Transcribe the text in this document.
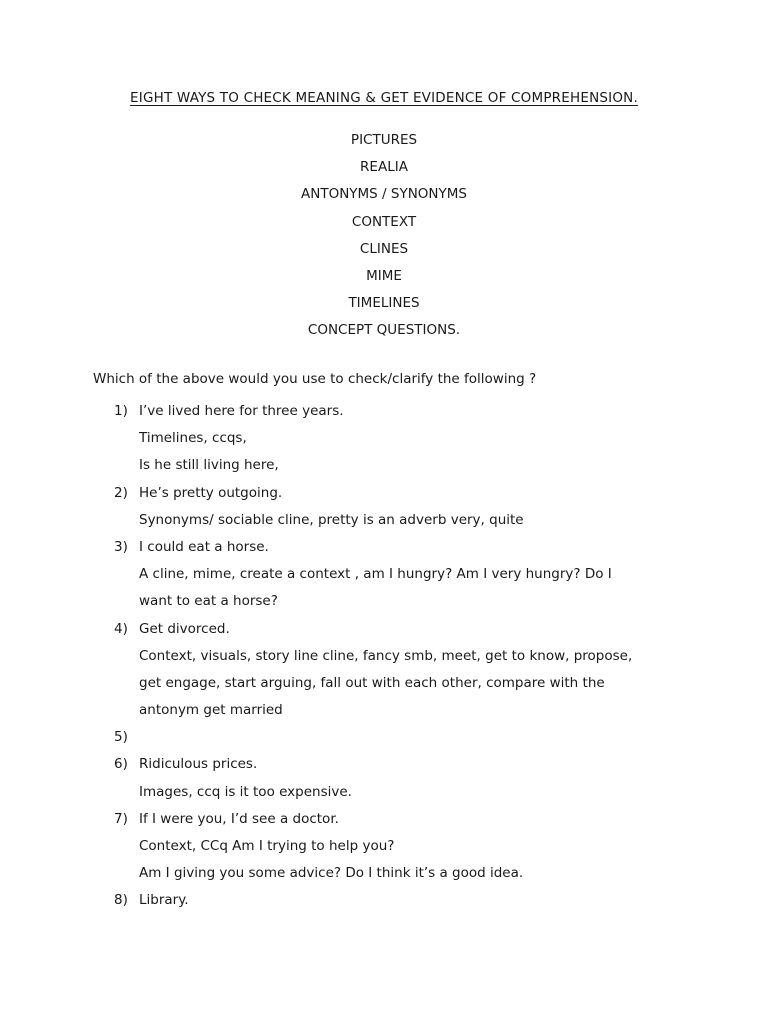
EIGHT WAYS TO CHECK MEANING & GET EVIDENCE OF COMPREHENSION.
PICTURES
REALIA
ANTONYMS / SYNONYMS
CONTEXT
CLINES
MIME
TIMELINES
CONCEPT QUESTIONS.
Which of the above would you use to check/clarify the following ?
1) I’ve lived here for three years.
Timelines, ccqs,
Is he still living here,
2) He’s pretty outgoing.
Synonyms/ sociable cline, pretty is an adverb very, quite
3) I could eat a horse.
A cline, mime, create a context , am I hungry? Am I very hungry? Do I
want to eat a horse?
4) Get divorced.
Context, visuals, story line cline, fancy smb, meet, get to know, propose,
get engage, start arguing, fall out with each other, compare with the
antonym get married
5)
6) Ridiculous prices.
Images, ccq is it too expensive.
7) If I were you, I’d see a doctor.
Context, CCq Am I trying to help you?
Am I giving you some advice? Do I think it’s a good idea.
8) Library.
